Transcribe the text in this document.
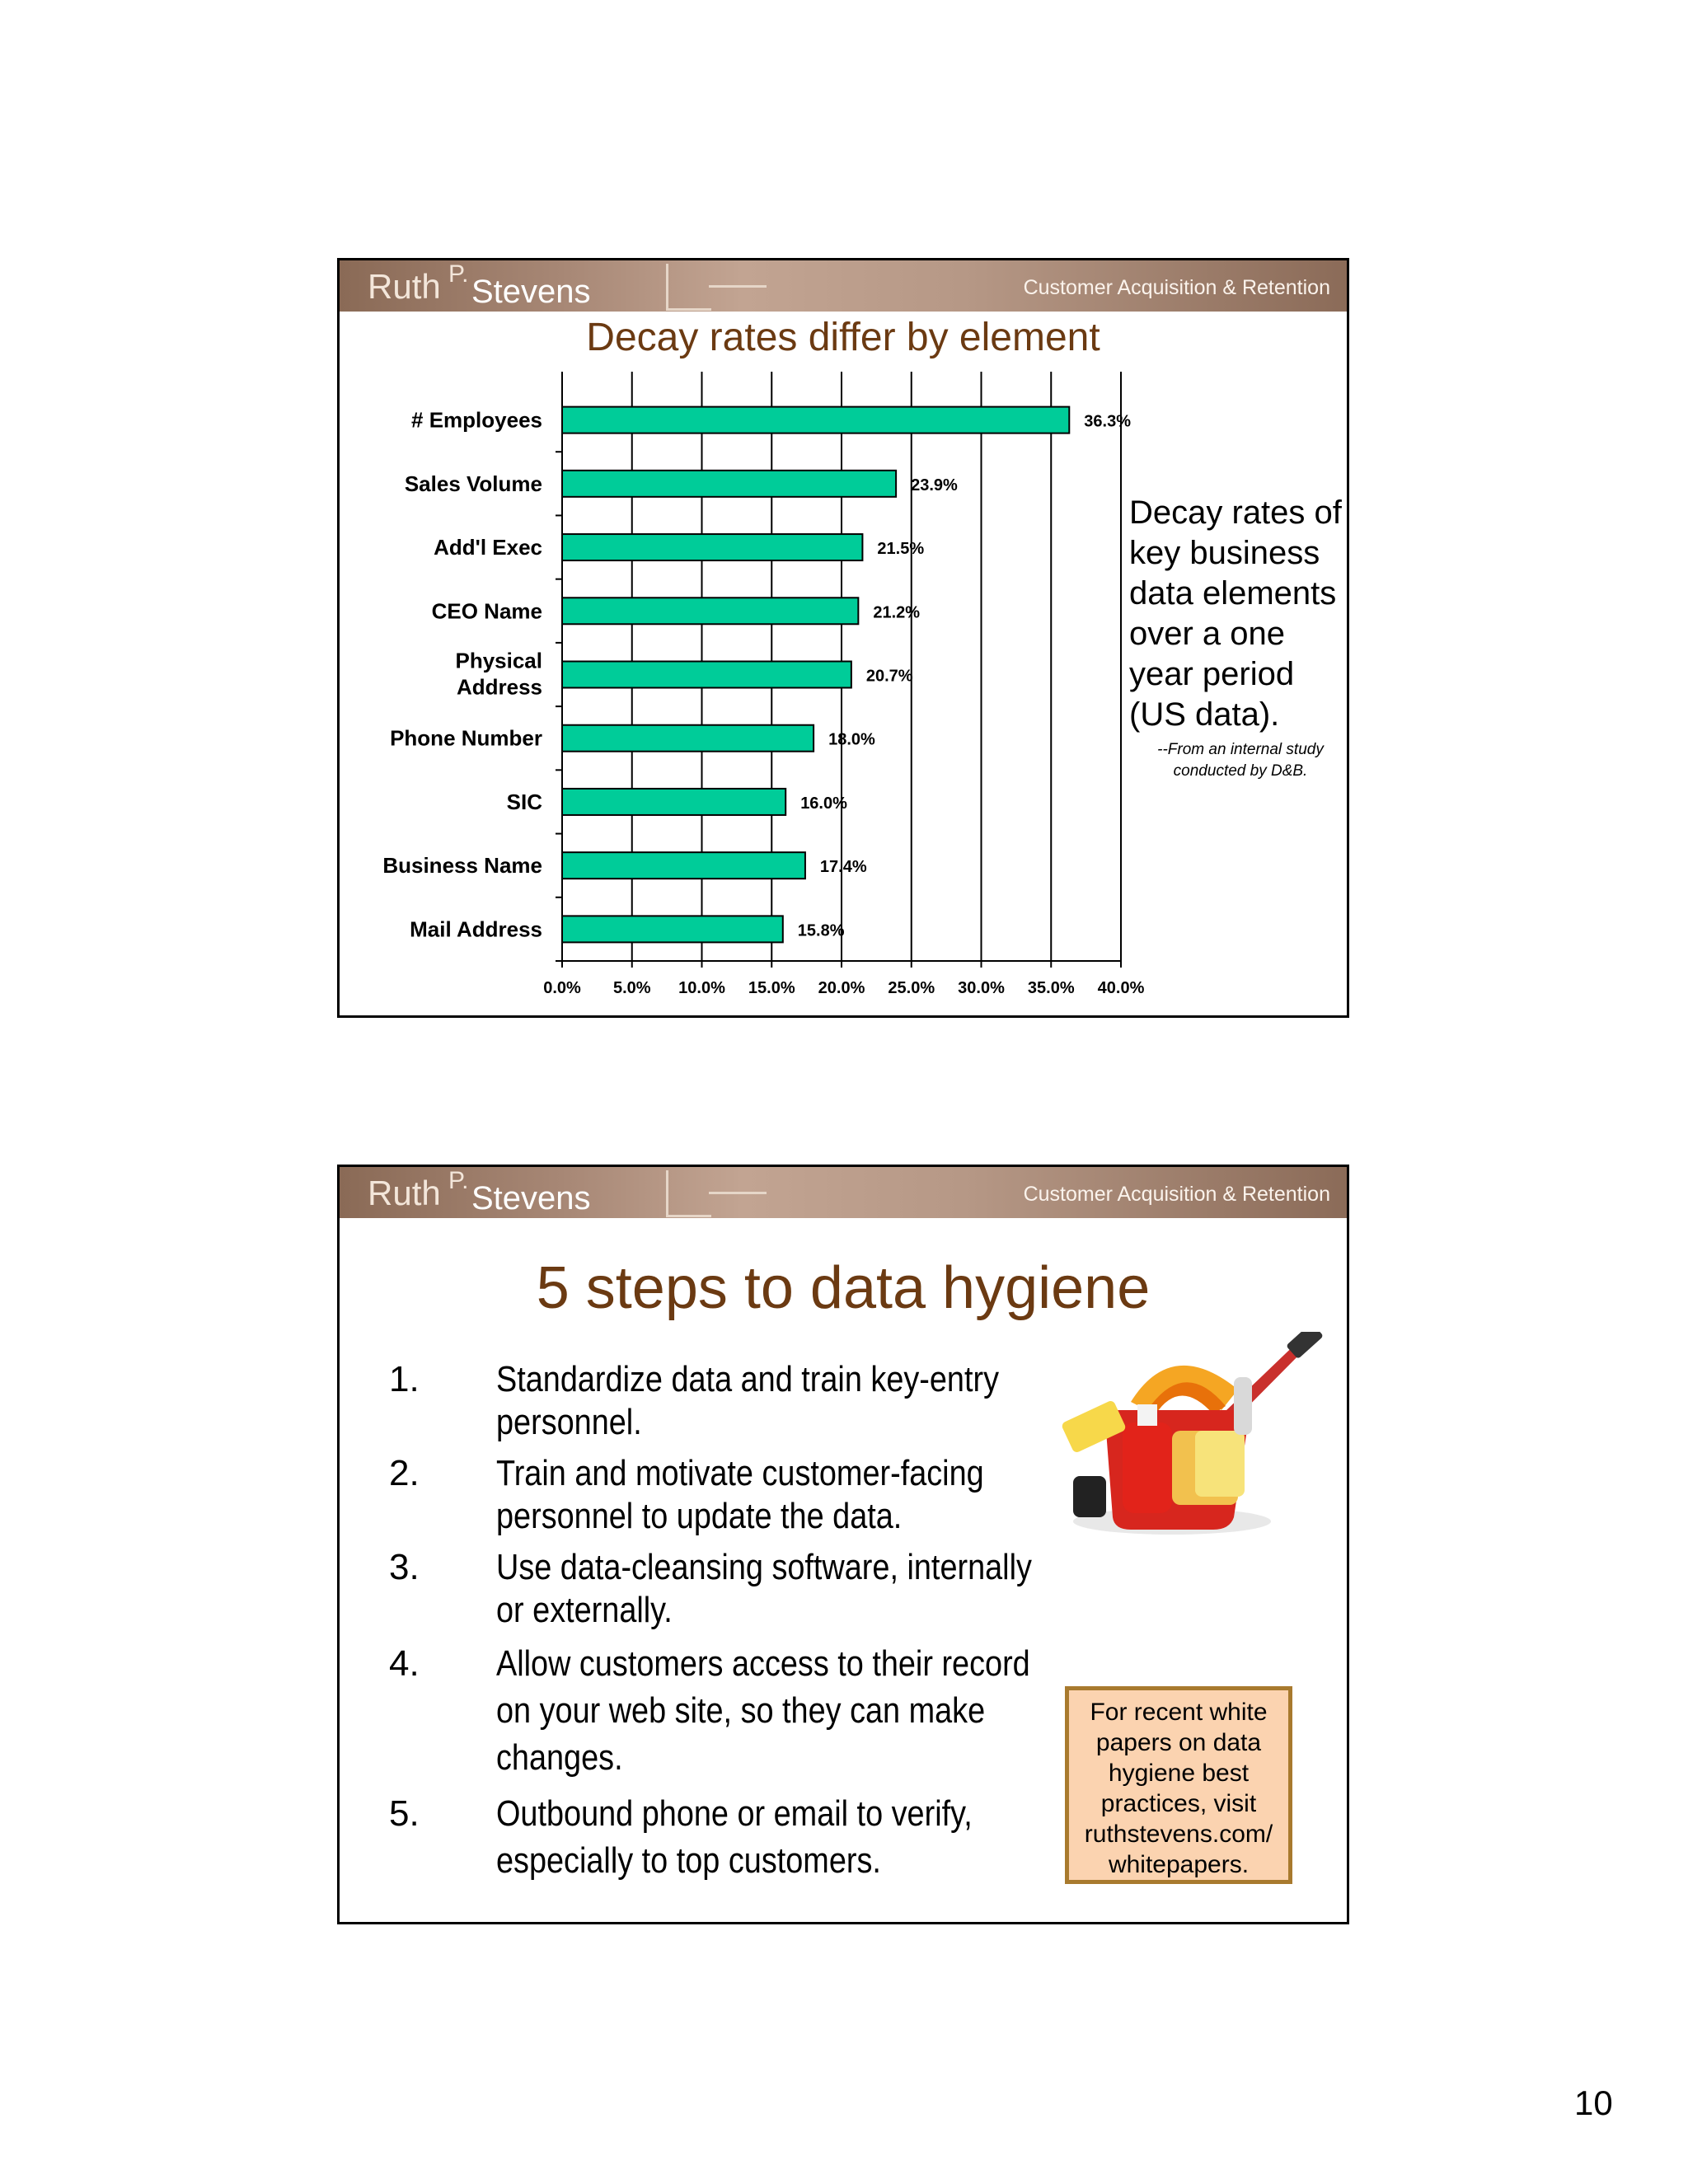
Ruth P. Stevens	Customer Acquisition & Retention
Decay rates differ by element
0.0% 5.0% 10.0% 15.0% 20.0% 25.0% 30.0% 35.0% 40.0%
36.3%
# Employees
23.9%
Sales Volume
21.5%
Add'l Exec
21.2%
CEO Name
20.7%
Physical
Address
18.0%
Phone Number
16.0%
SIC
17.4%
Business Name
15.8%
Mail Address
Decay rates of key business data elements over a one year period (US data).
--From an internal study conducted by D&B.
Ruth P. Stevens	Customer Acquisition & Retention
5 steps to data hygiene
1.	Standardize data and train key-entry personnel.
2.	Train and motivate customer-facing personnel to update the data.
3.	Use data-cleansing software, internally or externally.
4.	Allow customers access to their record on your web site, so they can make changes.
5.	Outbound phone or email to verify, especially to top customers.
For recent white papers on data hygiene best practices, visit ruthstevens.com/ whitepapers.
10
